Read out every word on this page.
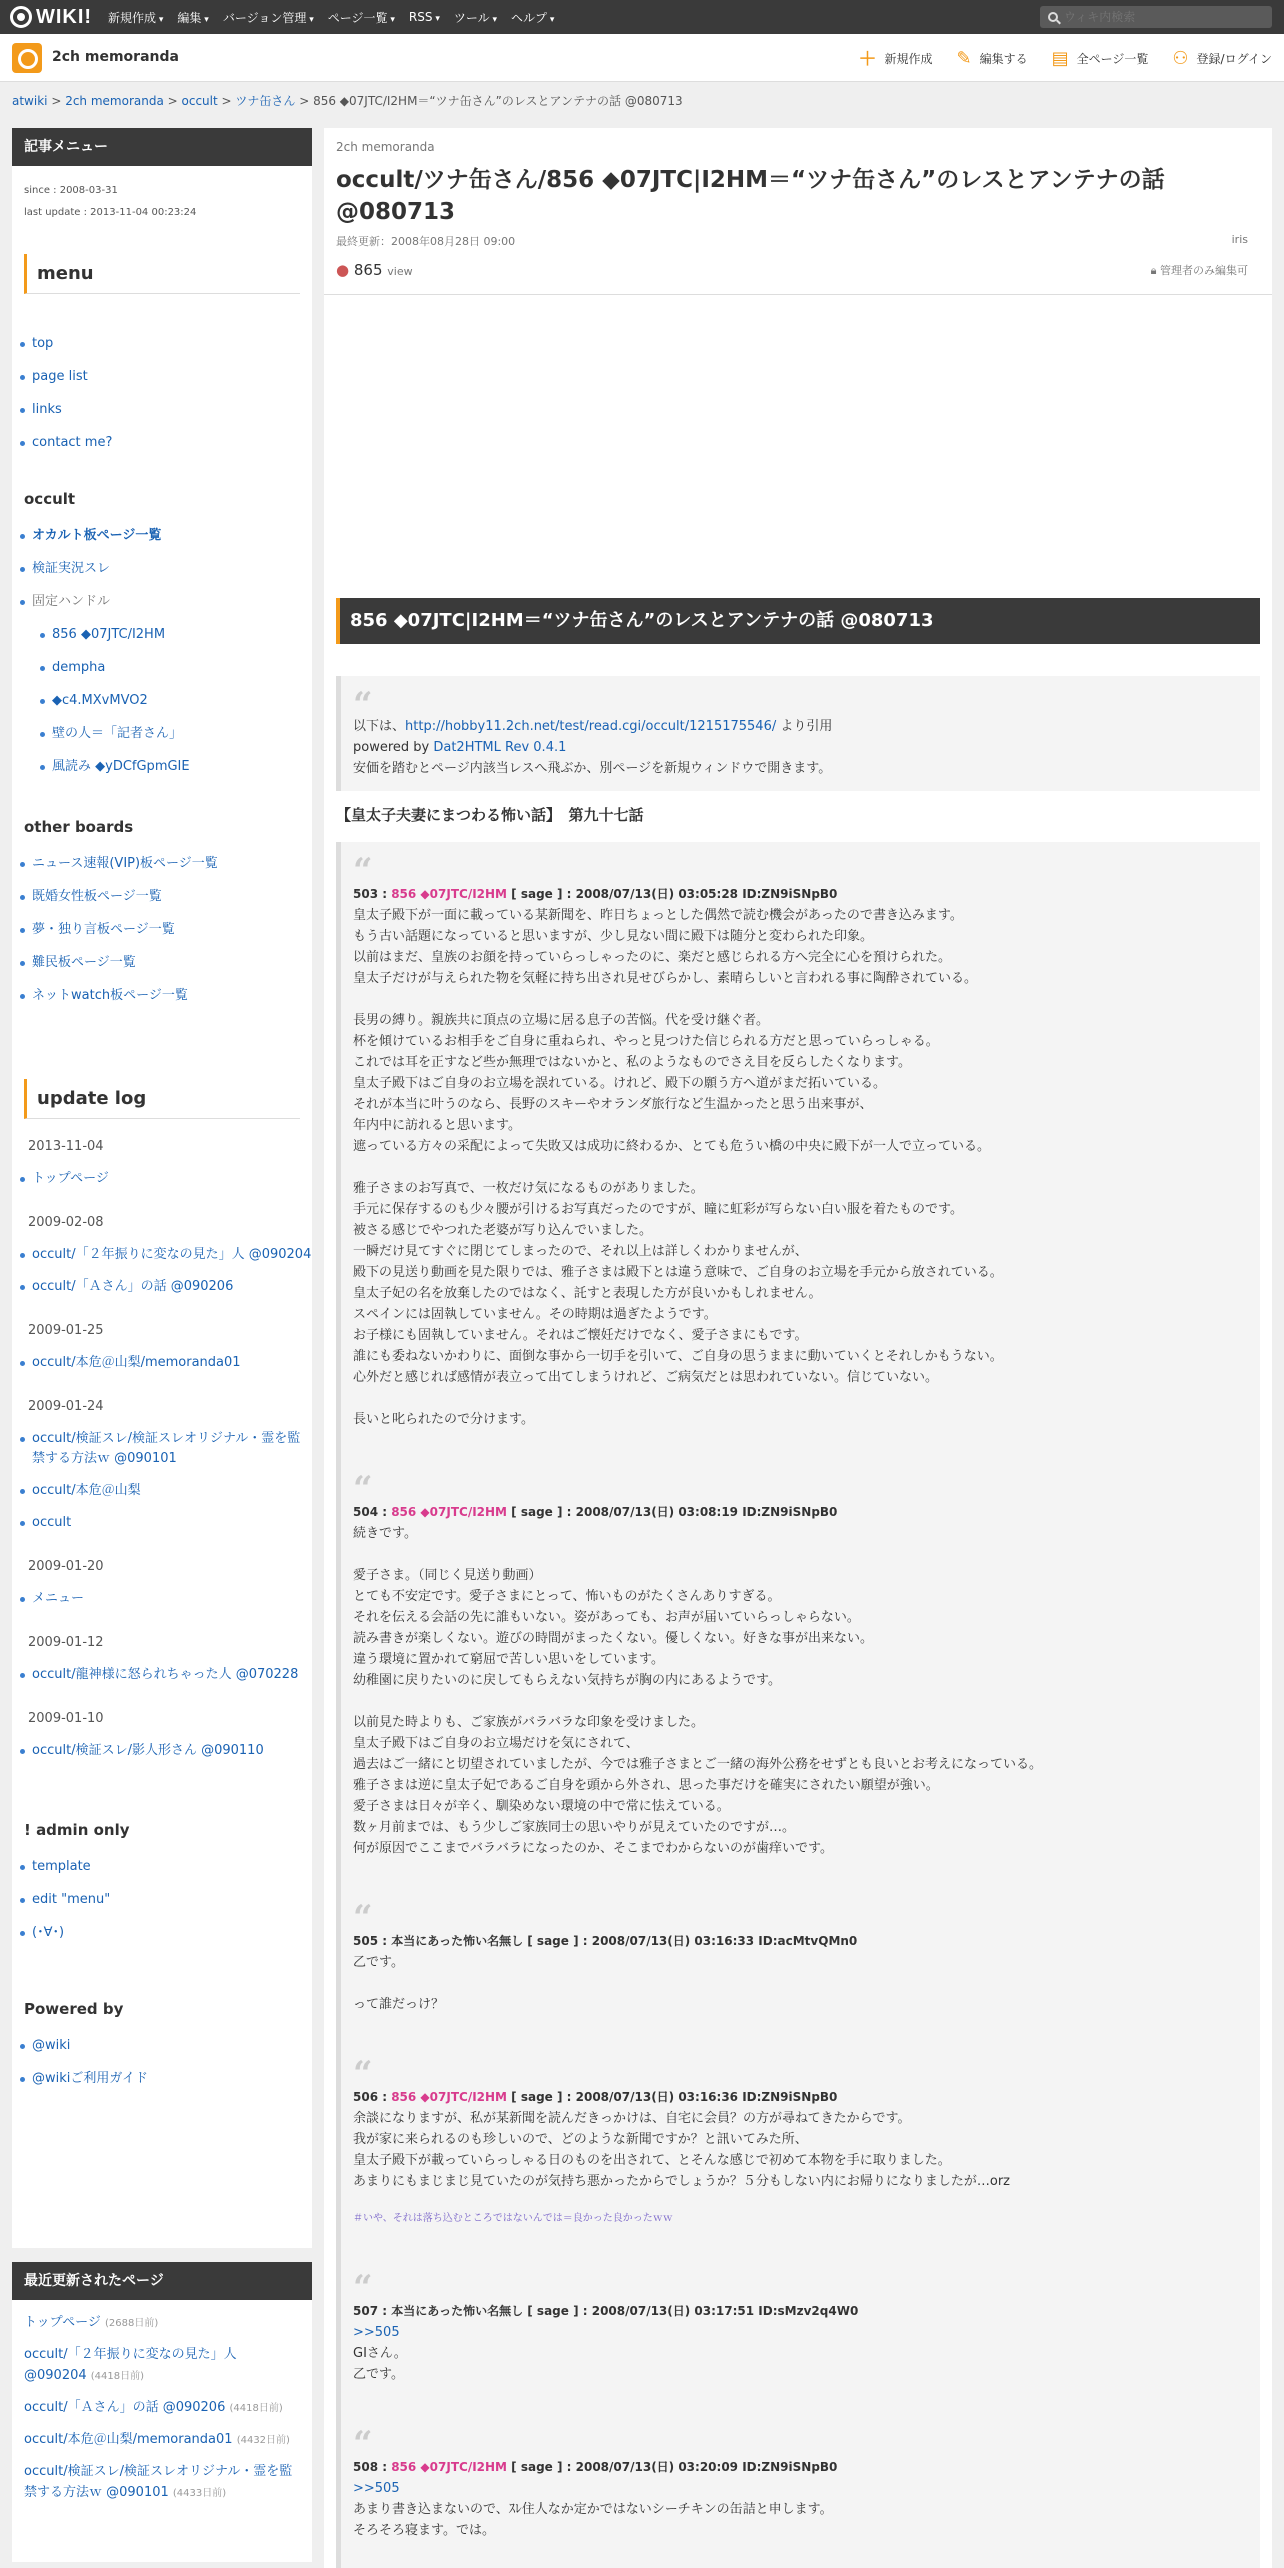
WIKI! 新規作成 ▾	編集 ▾	バージョン管理 ▾	ページ一覧 ▾	RSS ▾	ツール ▾	ヘルプ ▾
ウィキ内検索
2ch memoranda	＋ 新規作成 ✎ 編集する ▤ 全ページ一覧 ⚇ 登録/ログイン
atwiki > 2ch memoranda > occult > ツナ缶さん > 856 ◆07JTC/I2HM＝“ツナ缶さん”のレスとアンテナの話 @080713
記事メニュー
since : 2008-03-31
last update : 2013-11-04 00:23:24
menu
top
page list
links
contact me?
occult
オカルト板ページ一覧
検証実況スレ
固定ハンドル
856 ◆07JTC/I2HM
dempha
◆c4.MXvMVO2
壁の人＝「記者さん」
風読み ◆yDCfGpmGIE
other boards
ニュース速報(VIP)板ページ一覧
既婚女性板ページ一覧
夢・独り言板ページ一覧
難民板ページ一覧
ネットwatch板ページ一覧
update log
2013-11-04
トップページ
2009-02-08
occult/「２年振りに変なの見た」人 @090204
occult/「Ａさん」の話 @090206
2009-01-25
occult/本危＠山梨/memoranda01
2009-01-24
occult/検証スレ/検証スレオリジナル・霊を監禁する方法ｗ @090101
occult/本危＠山梨
occult
2009-01-20
メニュー
2009-01-12
occult/龍神様に怒られちゃった人 @070228
2009-01-10
occult/検証スレ/影人形さん @090110
! admin only
template
edit "menu"
(･∀･)
Powered by
@wiki
@wikiご利用ガイド
最近更新されたページ
トップページ (2688日前)
occult/「２年振りに変なの見た」人 @090204 (4418日前)
occult/「Ａさん」の話 @090206 (4418日前)
occult/本危＠山梨/memoranda01 (4432日前)
occult/検証スレ/検証スレオリジナル・霊を監禁する方法ｗ @090101 (4433日前)
2ch memoranda
occult/ツナ缶さん/856 ◆07JTC|I2HM＝“ツナ缶さん”のレスとアンテナの話 @080713
最終更新：2008年08月28日 09:00	iris
● 865 view	🔒︎ 管理者のみ編集可
856 ◆07JTC|I2HM＝“ツナ缶さん”のレスとアンテナの話 @080713
“
以下は、http://hobby11.2ch.net/test/read.cgi/occult/1215175546/ より引用
powered by Dat2HTML Rev 0.4.1
安価を踏むとページ内該当レスへ飛ぶか、別ページを新規ウィンドウで開きます。
【皇太子夫妻にまつわる怖い話】　第九十七話
“
503 : 856 ◆07JTC/I2HM [ sage ] : 2008/07/13(日) 03:05:28 ID:ZN9iSNpB0
皇太子殿下が一面に載っている某新聞を、昨日ちょっとした偶然で読む機会があったので書き込みます。
もう古い話題になっていると思いますが、少し見ない間に殿下は随分と変わられた印象。
以前はまだ、皇族のお顔を持っていらっしゃったのに、楽だと感じられる方へ完全に心を預けられた。
皇太子だけが与えられた物を気軽に持ち出され見せびらかし、素晴らしいと言われる事に陶酔されている。

長男の縛り。親族共に頂点の立場に居る息子の苦悩。代を受け継ぐ者。
杯を傾けているお相手をご自身に重ねられ、やっと見つけた信じられる方だと思っていらっしゃる。
これでは耳を正すなど些か無理ではないかと、私のようなものでさえ目を反らしたくなります。
皇太子殿下はご自身のお立場を誤れている。けれど、殿下の願う方へ道がまだ拓いている。
それが本当に叶うのなら、長野のスキーやオランダ旅行など生温かったと思う出来事が、
年内中に訪れると思います。
遮っている方々の采配によって失敗又は成功に終わるか、とても危うい橋の中央に殿下が一人で立っている。

雅子さまのお写真で、一枚だけ気になるものがありました。
手元に保存するのも少々腰が引けるお写真だったのですが、瞳に虹彩が写らない白い服を着たものです。
被さる感じでやつれた老婆が写り込んでいました。
一瞬だけ見てすぐに閉じてしまったので、それ以上は詳しくわかりませんが、
殿下の見送り動画を見た限りでは、雅子さまは殿下とは違う意味で、ご自身のお立場を手元から放されている。
皇太子妃の名を放棄したのではなく、託すと表現した方が良いかもしれません。
スペインには固執していません。その時期は過ぎたようです。
お子様にも固執していません。それはご懐妊だけでなく、愛子さまにもです。
誰にも委ねないかわりに、面倒な事から一切手を引いて、ご自身の思うままに動いていくとそれしかもうない。
心外だと感じれば感情が表立って出てしまうけれど、ご病気だとは思われていない。信じていない。

長いと叱られたので分けます。
“
504 : 856 ◆07JTC/I2HM [ sage ] : 2008/07/13(日) 03:08:19 ID:ZN9iSNpB0
続きです。

愛子さま。（同じく見送り動画）
とても不安定です。愛子さまにとって、怖いものがたくさんありすぎる。
それを伝える会話の先に誰もいない。姿があっても、お声が届いていらっしゃらない。
読み書きが楽しくない。遊びの時間がまったくない。優しくない。好きな事が出来ない。
違う環境に置かれて窮屈で苦しい思いをしています。
幼稚園に戻りたいのに戻してもらえない気持ちが胸の内にあるようです。

以前見た時よりも、ご家族がバラバラな印象を受けました。
皇太子殿下はご自身のお立場だけを気にされて、
過去はご一緒にと切望されていましたが、今では雅子さまとご一緒の海外公務をせずとも良いとお考えになっている。
雅子さまは逆に皇太子妃であるご自身を頭から外され、思った事だけを確実にされたい願望が強い。
愛子さまは日々が辛く、馴染めない環境の中で常に怯えている。
数ヶ月前までは、もう少しご家族同士の思いやりが見えていたのですが…。
何が原因でここまでバラバラになったのか、そこまでわからないのが歯痒いです。
“
505 : 本当にあった怖い名無し [ sage ] : 2008/07/13(日) 03:16:33 ID:acMtvQMn0
乙です。

って誰だっけ？
“
506 : 856 ◆07JTC/I2HM [ sage ] : 2008/07/13(日) 03:16:36 ID:ZN9iSNpB0
余談になりますが、私が某新聞を読んだきっかけは、自宅に会員？の方が尋ねてきたからです。
我が家に来られるのも珍しいので、どのような新聞ですか？と訊いてみた所、
皇太子殿下が載っていらっしゃる日のものを出されて、とそんな感じで初めて本物を手に取りました。
あまりにもまじまじ見ていたのが気持ち悪かったからでしょうか？５分もしない内にお帰りになりましたが…orz
＃いや、それは落ち込むところではないんでは＝良かった良かったｗｗ
“
507 : 本当にあった怖い名無し [ sage ] : 2008/07/13(日) 03:17:51 ID:sMzv2q4W0
>>505
GIさん。
乙です。
“
508 : 856 ◆07JTC/I2HM [ sage ] : 2008/07/13(日) 03:20:09 ID:ZN9iSNpB0
>>505
あまり書き込まないので、ｽﾚ住人なか定かではないシーチキンの缶詰と申します。
そろそろ寝ます。では。
